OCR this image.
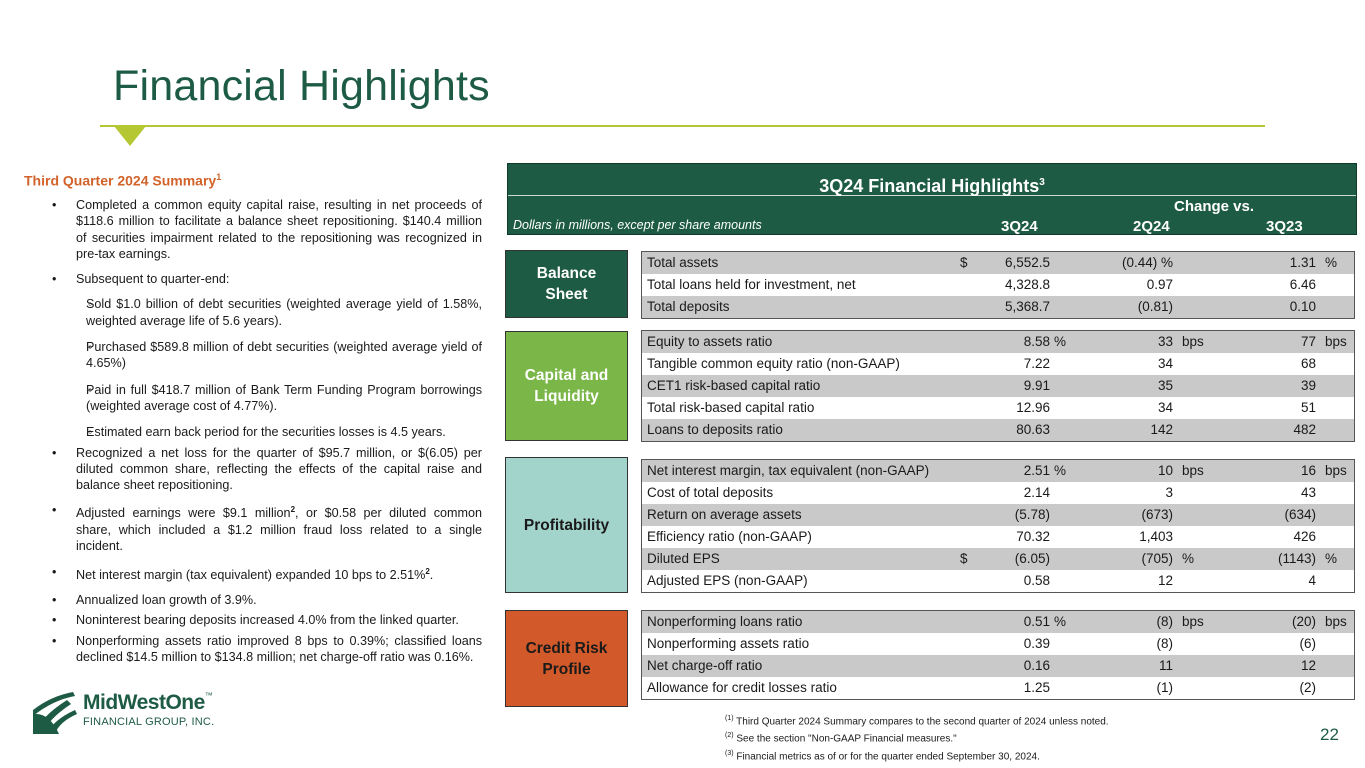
Financial Highlights

Third Quarter 2024 Summary$^1$

• Completed a common equity capital raise, resulting in net proceeds of $118.6 million to facilitate a balance sheet repositioning. $140.4 million of securities impairment related to the repositioning was recognized in pre-tax earnings.
• Subsequent to quarter-end:
◦ Sold $1.0 billion of debt securities (weighted average yield of 1.58%, weighted average life of 5.6 years).
◦ Purchased $589.8 million of debt securities (weighted average yield of 4.65%)
◦ Paid in full $418.7 million of Bank Term Funding Program borrowings (weighted average cost of 4.77%).
◦ Estimated earn back period for the securities losses is 4.5 years.
• Recognized a net loss for the quarter of $95.7 million, or $(6.05) per diluted common share, reflecting the effects of the capital raise and balance sheet repositioning.
• Adjusted earnings were $9.1 million$^2$, or $0.58 per diluted common share, which included a $1.2 million fraud loss related to a single incident.
• Net interest margin (tax equivalent) expanded 10 bps to 2.51%$^2$.
• Annualized loan growth of 3.9%.
• Noninterest bearing deposits increased 4.0% from the linked quarter.
• Nonperforming assets ratio improved 8 bps to 0.39%; classified loans declined $14.5 million to $134.8 million; net charge-off ratio was 0.16%.
MidWestOne™
FINANCIAL GROUP, INC.
3Q24 Financial Highlights$^3$
Change vs.
Dollars in millions, except per share amounts	3Q24	2Q24	3Q23
Balance
Sheet
Capital and
Liquidity
Profitability
Credit Risk
Profile
Total assets	$	6,552.5	(0.44) %	1.31 %
Total loans held for investment, net	4,328.8	0.97	6.46
Total deposits	5,368.7	(0.81)	0.10
Equity to assets ratio	8.58 %	33 bps	77 bps
Tangible common equity ratio (non-GAAP)	7.22	34	68
CET1 risk-based capital ratio	9.91	35	39
Total risk-based capital ratio	12.96	34	51
Loans to deposits ratio	80.63	142	482
Net interest margin, tax equivalent (non-GAAP)	2.51 %	10 bps	16 bps
Cost of total deposits	2.14	3	43
Return on average assets	(5.78)	(673)	(634)
Efficiency ratio (non-GAAP)	70.32	1,403	426
Diluted EPS	$	(6.05)	(705) %	(1143) %
Adjusted EPS (non-GAAP)	0.58	12	4
Nonperforming loans ratio	0.51 %	(8) bps	(20) bps
Nonperforming assets ratio	0.39	(8)	(6)
Net charge-off ratio	0.16	11	12
Allowance for credit losses ratio	1.25	(1)	(2)
$^{(1)}$ Third Quarter 2024 Summary compares to the second quarter of 2024 unless noted.
$^{(2)}$ See the section "Non-GAAP Financial measures."
$^{(3)}$ Financial metrics as of or for the quarter ended September 30, 2024.
22
